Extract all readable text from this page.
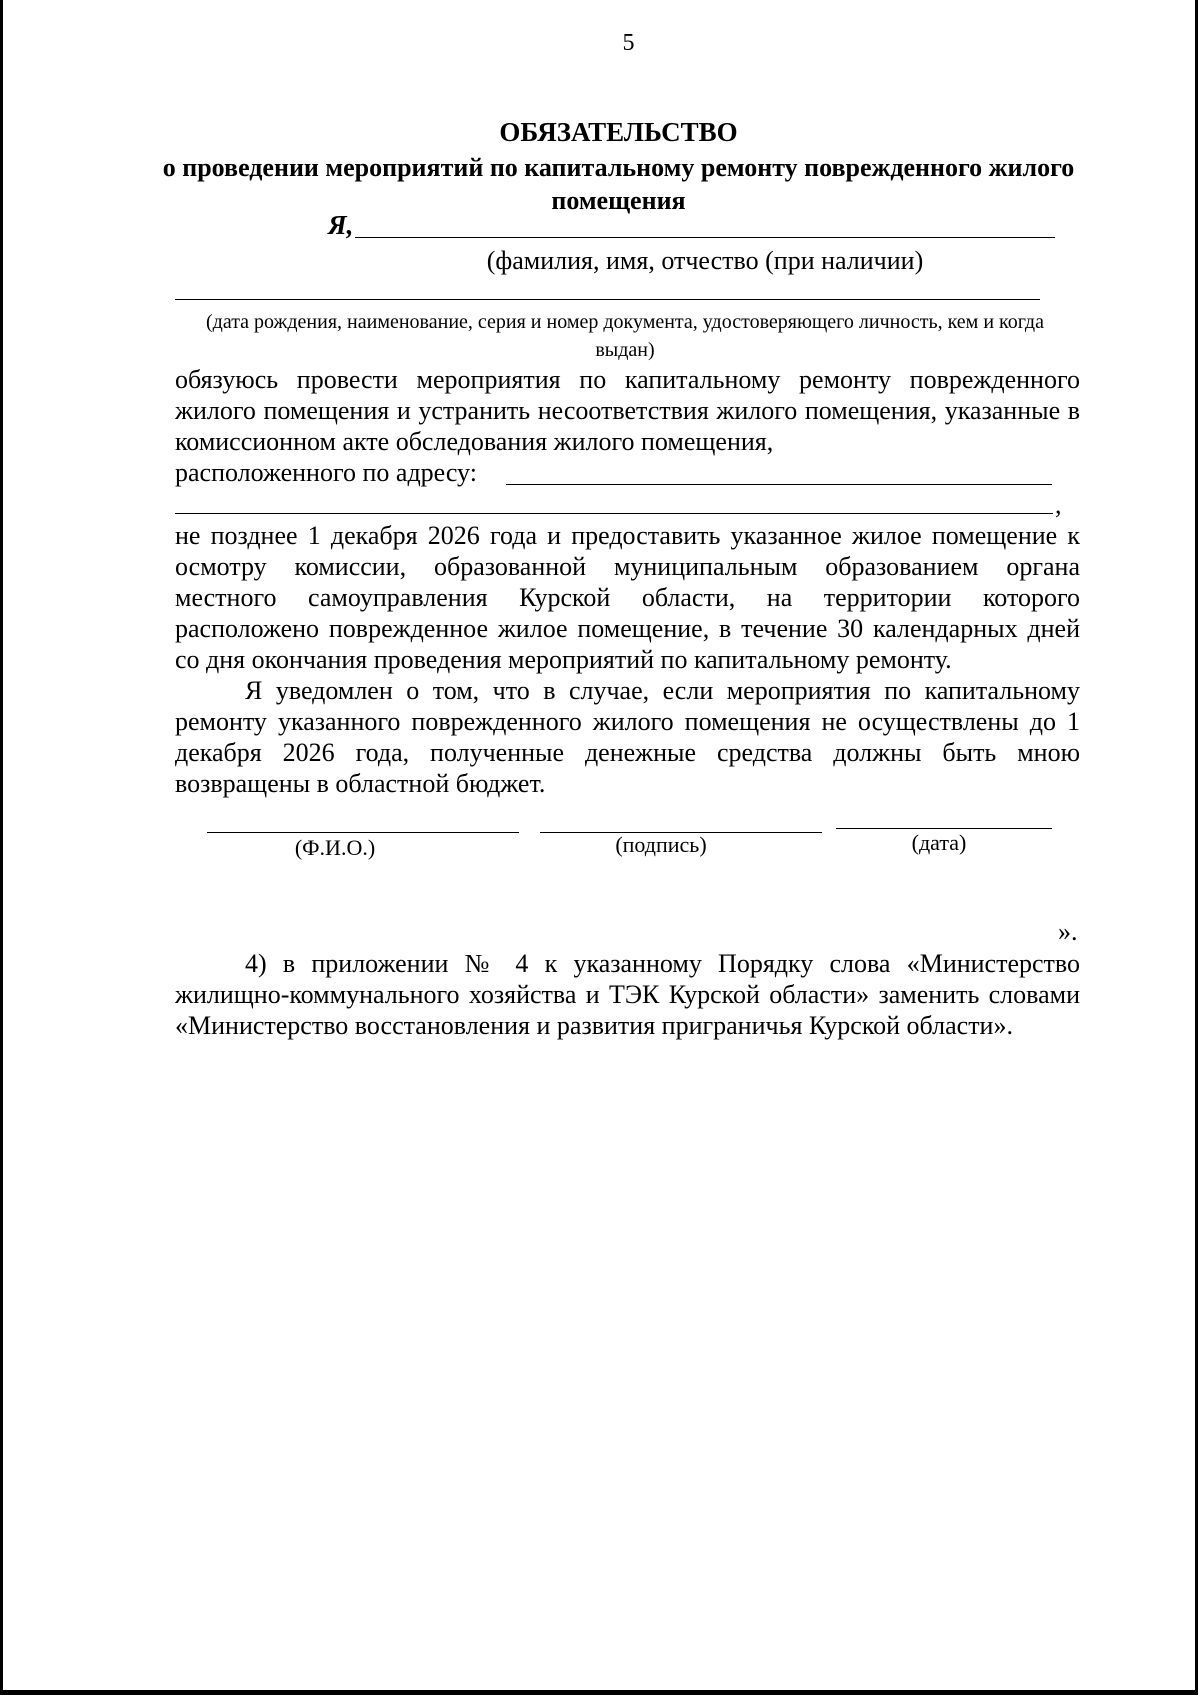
5
ОБЯЗАТЕЛЬСТВО
о проведении мероприятий по капитальному ремонту поврежденного жилого помещения
Я,
(фамилия, имя, отчество (при наличии)
(дата рождения, наименование, серия и номер документа, удостоверяющего личность, кем и когда выдан)
обязуюсь провести мероприятия по капитальному ремонту поврежденного жилого помещения и устранить несоответствия жилого помещения, указанные в комиссионном акте обследования жилого помещения,
расположенного по адресу:
,
не позднее 1 декабря 2026 года и предоставить указанное жилое помещение к осмотру комиссии, образованной муниципальным образованием органа местного самоуправления Курской области, на территории которого расположено поврежденное жилое помещение, в течение 30 календарных дней со дня окончания проведения мероприятий по капитальному ремонту.
Я уведомлен о том, что в случае, если мероприятия по капитальному ремонту указанного поврежденного жилого помещения не осуществлены до 1 декабря 2026 года, полученные денежные средства должны быть мною возвращены в областной бюджет.
(Ф.И.О.)	(подпись)	(дата)
».
4) в приложении № 4 к указанному Порядку слова «Министерство жилищно-коммунального хозяйства и ТЭК Курской области» заменить словами «Министерство восстановления и развития приграничья Курской области».
